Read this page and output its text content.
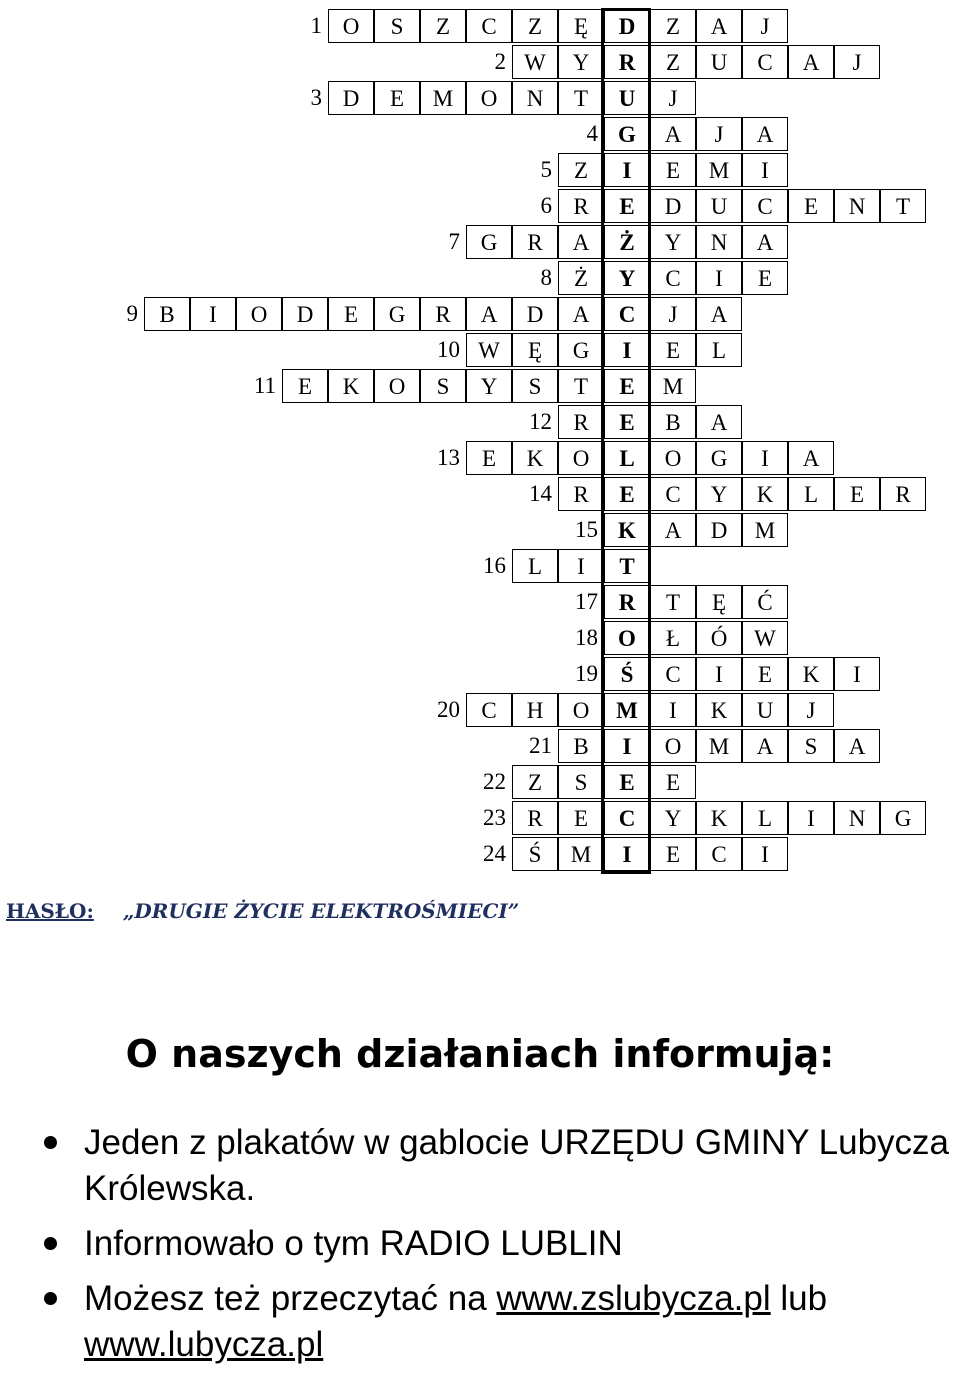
1 O	S	Z	C	Z	Ę	D	Z	A	J
2 W	Y	R	Z	U	C	A	J
3 D	E	M	O	N	T	U	J
4 G	A	J	A
5 Z	I	E	M	I
6 R	E	D	U	C	E	N	T
7 G	R	A	Ż	Y	N	A
8 Ż	Y	C	I	E
9 B	I	O	D	E	G	R	A	D	A	C	J	A
10 W	Ę	G	I	E	L
11 E	K	O	S	Y	S	T	E	M
12 R	E	B	A
13 E	K	O	L	O	G	I	A
14 R	E	C	Y	K	L	E	R
15 K	A	D	M
16 L	I	T
17 R	T	Ę	Ć
18 O	Ł	Ó	W
19 Ś	C	I	E	K	I
20 C	H	O	M	I	K	U	J
21 B	I	O	M	A	S	A
22 Z	S	E	E
23 R	E	C	Y	K	L	I	N	G
24 Ś	M	I	E	C	I
HASŁO: „DRUGIE ŻYCIE ELEKTROŚMIECI”
O naszych działaniach informują:
Jeden z plakatów w gablocie URZĘDU GMINY Lubycza Królewska.
Informowało o tym RADIO LUBLIN
Możesz też przeczytać na www.zslubycza.pl lub
www.lubycza.pl
